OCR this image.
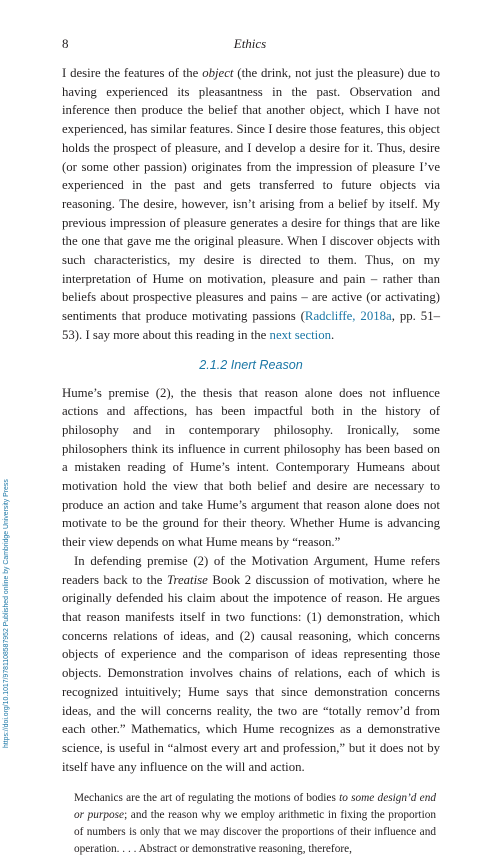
8	Ethics

I desire the features of the object (the drink, not just the pleasure) due to having experienced its pleasantness in the past. Observation and inference then produce the belief that another object, which I have not experienced, has similar features. Since I desire those features, this object holds the prospect of pleasure, and I develop a desire for it. Thus, desire (or some other passion) originates from the impression of pleasure I’ve experienced in the past and gets transferred to future objects via reasoning. The desire, however, isn’t arising from a belief by itself. My previous impression of pleasure generates a desire for things that are like the one that gave me the original pleasure. When I discover objects with such characteristics, my desire is directed to them. Thus, on my interpretation of Hume on motivation, pleasure and pain – rather than beliefs about prospective pleasures and pains – are active (or activating) sentiments that produce motivating passions (Radcliffe, 2018a, pp. 51–53). I say more about this reading in the next section.

2.1.2 Inert Reason

Hume’s premise (2), the thesis that reason alone does not influence actions and affections, has been impactful both in the history of philosophy and in contemporary philosophy. Ironically, some philosophers think its influence in current philosophy has been based on a mistaken reading of Hume’s intent. Contemporary Humeans about motivation hold the view that both belief and desire are necessary to produce an action and take Hume’s argument that reason alone does not motivate to be the ground for their theory. Whether Hume is advancing their view depends on what Hume means by “reason.”

In defending premise (2) of the Motivation Argument, Hume refers readers back to the Treatise Book 2 discussion of motivation, where he originally defended his claim about the impotence of reason. He argues that reason manifests itself in two functions: (1) demonstration, which concerns relations of ideas, and (2) causal reasoning, which concerns objects of experience and the comparison of ideas representing those objects. Demonstration involves chains of relations, each of which is recognized intuitively; Hume says that since demonstration concerns ideas, and the will concerns reality, the two are “totally remov’d from each other.” Mathematics, which Hume recognizes as a demonstrative science, is useful in “almost every art and profession,” but it does not by itself have any influence on the will and action.

Mechanics are the art of regulating the motions of bodies to some design’d end or purpose; and the reason why we employ arithmetic in fixing the proportion of numbers is only that we may discover the proportions of their influence and operation. . . . Abstract or demonstrative reasoning, therefore,

https://doi.org/10.1017/9781108587952 Published online by Cambridge University Press
